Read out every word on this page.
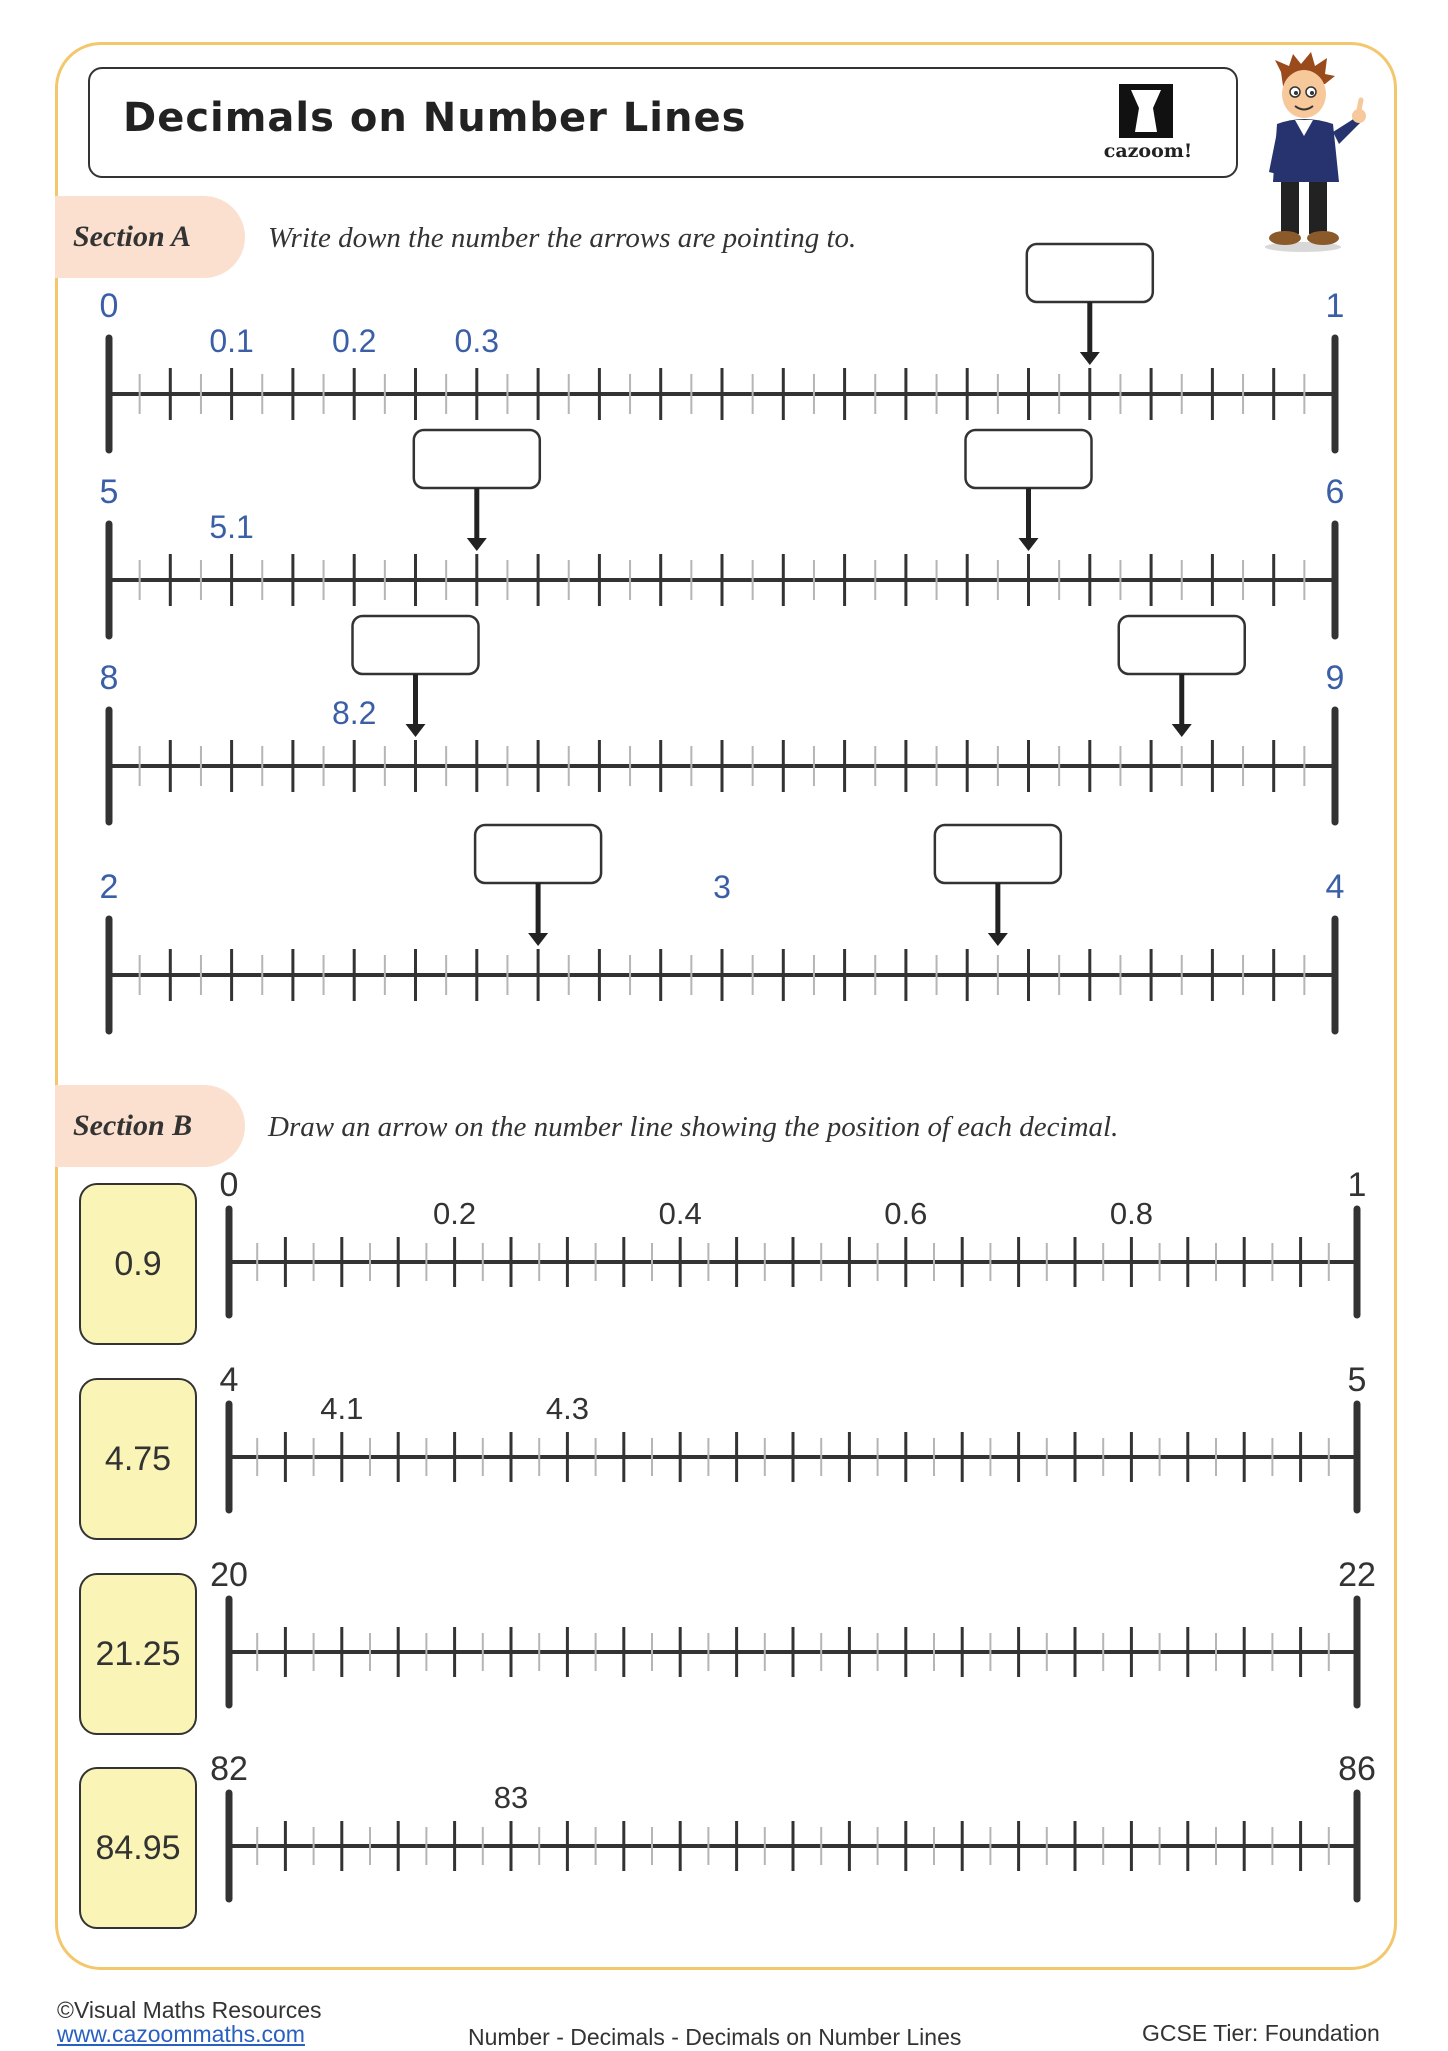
Decimals on Number Lines
cazoom!
Section A	Write down the number the arrows are pointing to.
Section B	Draw an arrow on the number line showing the position of each decimal.
0.9
4.75
21.25
84.95
0	1
0.1 0.2 0.3
5	6
5.1
8	9
8.2
2	4
3
0	1
0.2	0.4	0.6	0.8
4	5
4.1	4.3
20	22
82	86
83
©Visual Maths Resources
www.cazoommaths.com	Number - Decimals - Decimals on Number Lines	GCSE Tier: Foundation
